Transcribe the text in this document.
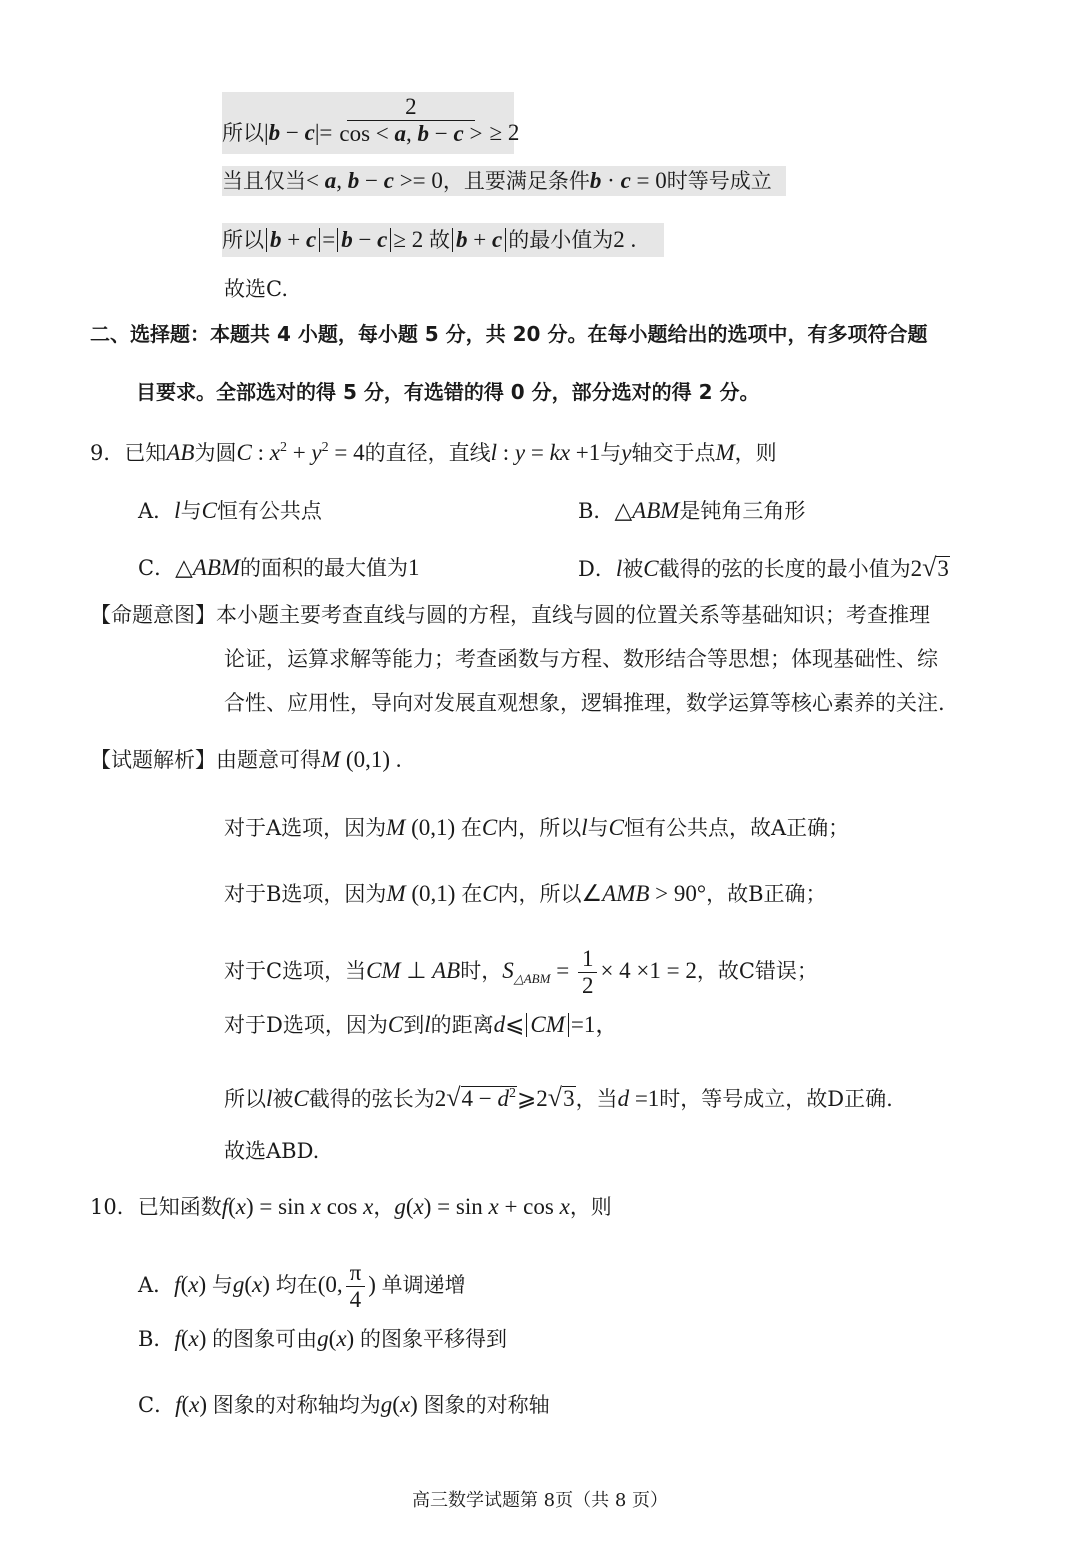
所以$|b - c|= \frac{2}{\cos < a, b - c >} \ge 2$
当且仅当< a, b − c >= 0，且要满足条件b · c = 0时等号成立
所以 b + c = b − c ≥ 2 故 b + c 的最小值为2 .
故选C.
二、选择题：本题共 4 小题，每小题 5 分，共 20 分。在每小题给出的选项中，有多项符合题
目要求。全部选对的得 5 分，有选错的得 0 分，部分选对的得 2 分。
9．已知AB为圆C : $x^2 + y^2 = 4$的直径，直线l : y = kx +1与y轴交于点M，则
A．l与C恒有公共点	B．△ABM是钝角三角形
C．△ABM的面积的最大值为1	D．l被C截得的弦的长度的最小值为2√3
【命题意图】本小题主要考查直线与圆的方程，直线与圆的位置关系等基础知识；考查推理
论证，运算求解等能力；考查函数与方程、数形结合等思想；体现基础性、综
合性、应用性，导向对发展直观想象，逻辑推理，数学运算等核心素养的关注.
【试题解析】由题意可得M (0,1) .
对于A选项，因为M (0,1) 在C内，所以l与C恒有公共点，故A正确；
对于B选项，因为M (0,1) 在C内，所以∠AMB > 90°，故B正确；
对于C选项，当CM ⊥ AB时，$S_{\triangle ABM} = \frac{1}{2} \times 4 \times 1 = 2$，故C错误；
对于D选项，因为C到l的距离d⩽ CM =1，
所以l被C截得的弦长为$2√4 - d^2⩾2√3$，当d =1时，等号成立，故D正确.
故选ABD.
10．已知函数f(x) = sin x cos x，g(x) = sin x + cos x，则
A．f(x) 与g(x) 均在(0, $\frac{\pi}{4}$ ) 单调递增
B．f(x) 的图象可由g(x) 的图象平移得到
C．f(x) 图象的对称轴均为g(x) 图象的对称轴
高三数学试题第 8页（共 8 页）
